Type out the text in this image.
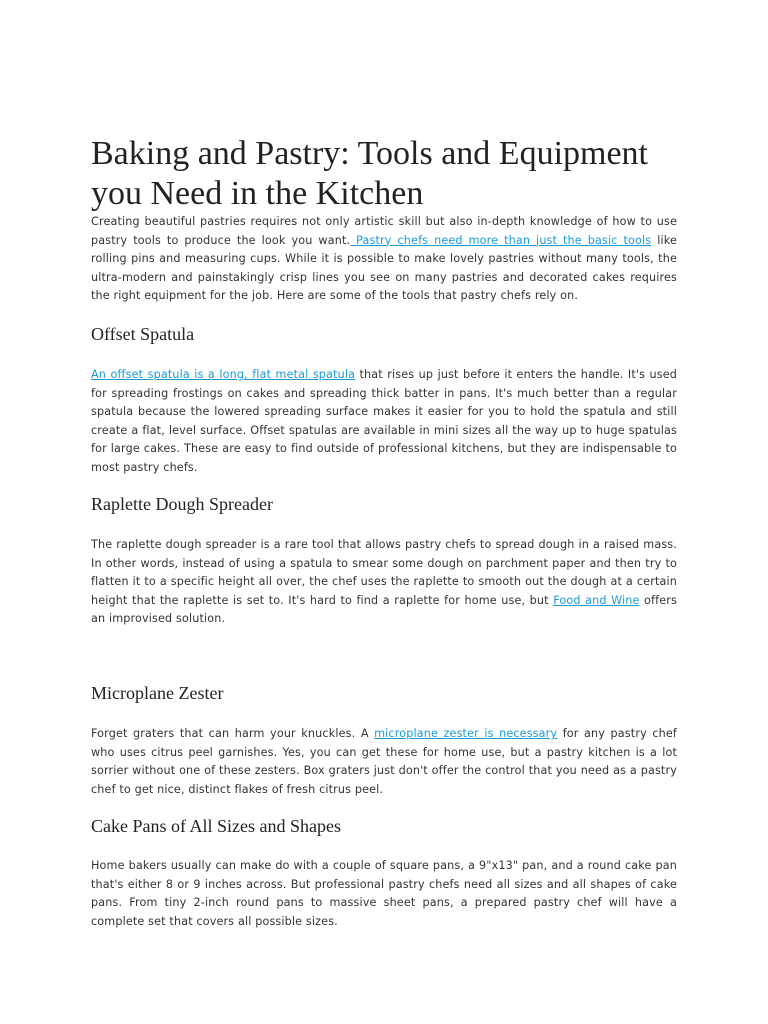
Baking and Pastry: Tools and Equipment you Need in the Kitchen

Creating beautiful pastries requires not only artistic skill but also in-depth knowledge of how to use pastry tools to produce the look you want. Pastry chefs need more than just the basic tools like rolling pins and measuring cups. While it is possible to make lovely pastries without many tools, the ultra-modern and painstakingly crisp lines you see on many pastries and decorated cakes requires the right equipment for the job. Here are some of the tools that pastry chefs rely on.

Offset Spatula

An offset spatula is a long, flat metal spatula that rises up just before it enters the handle. It's used for spreading frostings on cakes and spreading thick batter in pans. It's much better than a regular spatula because the lowered spreading surface makes it easier for you to hold the spatula and still create a flat, level surface. Offset spatulas are available in mini sizes all the way up to huge spatulas for large cakes. These are easy to find outside of professional kitchens, but they are indispensable to most pastry chefs.

Raplette Dough Spreader

The raplette dough spreader is a rare tool that allows pastry chefs to spread dough in a raised mass. In other words, instead of using a spatula to smear some dough on parchment paper and then try to flatten it to a specific height all over, the chef uses the raplette to smooth out the dough at a certain height that the raplette is set to. It's hard to find a raplette for home use, but Food and Wine offers an improvised solution.

Microplane Zester

Forget graters that can harm your knuckles. A microplane zester is necessary for any pastry chef who uses citrus peel garnishes. Yes, you can get these for home use, but a pastry kitchen is a lot sorrier without one of these zesters. Box graters just don't offer the control that you need as a pastry chef to get nice, distinct flakes of fresh citrus peel.

Cake Pans of All Sizes and Shapes

Home bakers usually can make do with a couple of square pans, a 9"x13" pan, and a round cake pan that's either 8 or 9 inches across. But professional pastry chefs need all sizes and all shapes of cake pans. From tiny 2-inch round pans to massive sheet pans, a prepared pastry chef will have a complete set that covers all possible sizes.
